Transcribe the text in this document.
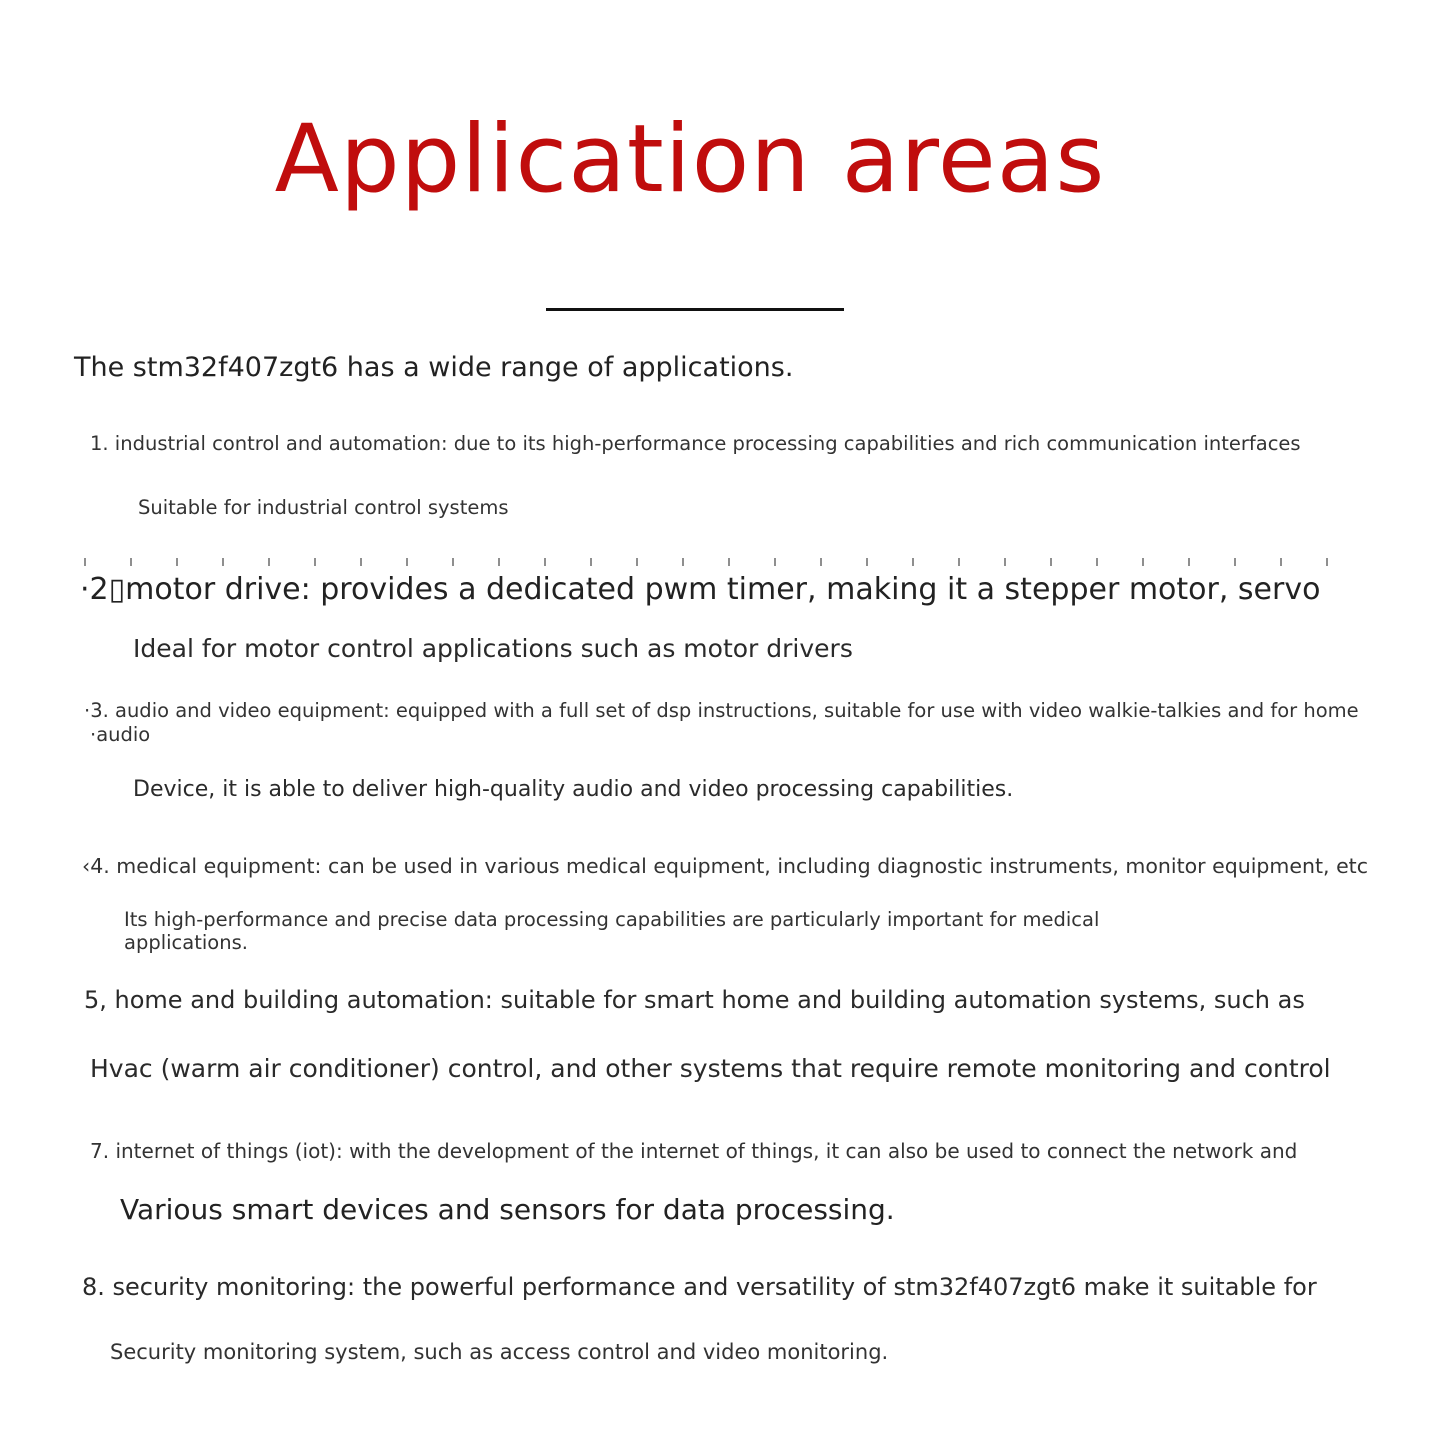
Application areas
The stm32f407zgt6 has a wide range of applications.
1. industrial control and automation: due to its high-performance processing capabilities and rich communication interfaces
Suitable for industrial control systems
·2▯motor drive: provides a dedicated pwm timer, making it a stepper motor, servo
Ideal for motor control applications such as motor drivers
·3. audio and video equipment: equipped with a full set of dsp instructions, suitable for use with video walkie-talkies and for home
·audio
Device, it is able to deliver high-quality audio and video processing capabilities.
‹4. medical equipment: can be used in various medical equipment, including diagnostic instruments, monitor equipment, etc
Its high-performance and precise data processing capabilities are particularly important for medical
applications.
5, home and building automation: suitable for smart home and building automation systems, such as
Hvac (warm air conditioner) control, and other systems that require remote monitoring and control
7. internet of things (iot): with the development of the internet of things, it can also be used to connect the network and
Various smart devices and sensors for data processing.
8. security monitoring: the powerful performance and versatility of stm32f407zgt6 make it suitable for
Security monitoring system, such as access control and video monitoring.
